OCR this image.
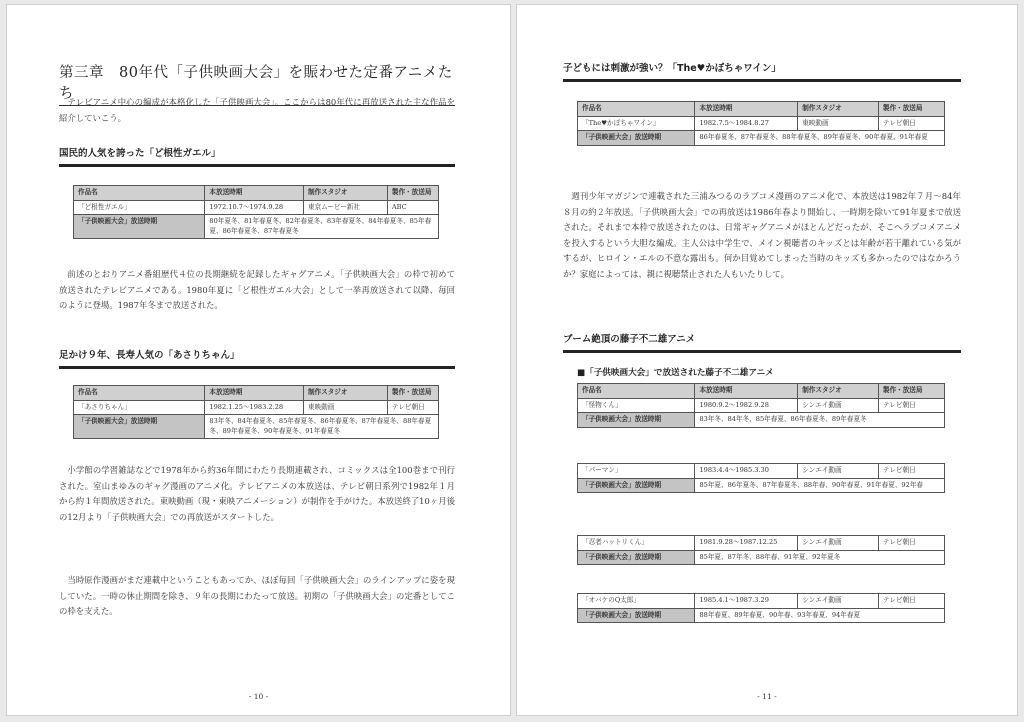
第三章　80年代「子供映画大会」を賑わせた定番アニメたち
テレビアニメ中心の編成が本格化した「子供映画大会」。ここからは80年代に再放送された主な作品を紹介していこう。
国民的人気を誇った「ど根性ガエル」
作品名	本放送時期	制作スタジオ	製作・放送局
「ど根性ガエル」	1972.10.7〜1974.9.28	東京ムービー新社	ABC
「子供映画大会」放送時期	80年夏冬、81年春夏冬、82年春夏冬、83年春夏冬、84年春夏冬、85年春夏、86年春夏冬、87年春夏冬		
前述のとおりアニメ番組歴代４位の長期継続を記録したギャグアニメ。「子供映画大会」の枠で初めて放送されたテレビアニメである。1980年夏に「ど根性ガエル大会」として一挙再放送されて以降、毎回のように登場。1987年冬まで放送された。
足かけ９年、長寿人気の「あさりちゃん」
作品名	本放送時期	制作スタジオ	製作・放送局
「あさりちゃん」	1982.1.25〜1983.2.28	東映動画	テレビ朝日
「子供映画大会」放送時期	83年冬、84年春夏冬、85年春夏冬、86年春夏冬、87年春夏冬、88年春夏冬、89年春夏冬、90年春夏冬、91年春夏冬		
小学館の学習雑誌などで1978年から約36年間にわたり長期連載され、コミックスは全100巻まで刊行された。室山まゆみのギャグ漫画のアニメ化。テレビアニメの本放送は、テレビ朝日系列で1982年１月から約１年間放送された。東映動画（現・東映アニメーション）が制作を手がけた。本放送終了10ヶ月後の12月より「子供映画大会」での再放送がスタートした。
当時原作漫画がまだ連載中ということもあってか、ほぼ毎回「子供映画大会」のラインアップに姿を現していた。一時の休止期間を除き、９年の長期にわたって放送。初期の「子供映画大会」の定番としてこの枠を支えた。
- 10 -
子どもには刺激が強い？「The♥かぼちゃワイン」
作品名	本放送時期	制作スタジオ	製作・放送局
「The♥かぼちゃワイン」	1982.7.5〜1984.8.27	東映動画	テレビ朝日
「子供映画大会」放送時期	86年春夏冬、87年春夏冬、88年春夏冬、89年春夏冬、90年春夏、91年春夏		
週刊少年マガジンで連載された三浦みつるのラブコメ漫画のアニメ化で、本放送は1982年７月〜84年８月の約２年放送。「子供映画大会」での再放送は1986年春より開始し、一時期を除いて91年夏まで放送された。それまで本枠で放送されたのは、日常ギャグアニメがほとんどだったが、そこへラブコメアニメを投入するという大胆な編成。主人公は中学生で、メイン視聴者のキッズとは年齢が若干離れている気がするが、ヒロイン・エルの不意な露出も。何か目覚めてしまった当時のキッズも多かったのではなかろうか？家庭によっては、親に視聴禁止された人もいたりして。
ブーム絶頂の藤子不二雄アニメ
■「子供映画大会」で放送された藤子不二雄アニメ
作品名	本放送時期	制作スタジオ	製作・放送局
「怪物くん」	1980.9.2〜1982.9.28	シンエイ動画	テレビ朝日
「子供映画大会」放送時期	83年冬、84年冬、85年春夏、86年春夏冬、89年春夏冬		
「パーマン」	1983.4.4〜1985.3.30	シンエイ動画	テレビ朝日
「子供映画大会」放送時期	85年夏、86年夏冬、87年春夏冬、88年春、90年春夏、91年春夏、92年春		
「忍者ハットリくん」	1981.9.28〜1987.12.25	シンエイ動画	テレビ朝日
「子供映画大会」放送時期	85年夏、87年冬、88年春、91年夏、92年夏冬		
「オバケのQ太郎」	1985.4.1〜1987.3.29	シンエイ動画	テレビ朝日
「子供映画大会」放送時期	88年春夏、89年春夏、90年春、93年春夏、94年春夏		
- 11 -
